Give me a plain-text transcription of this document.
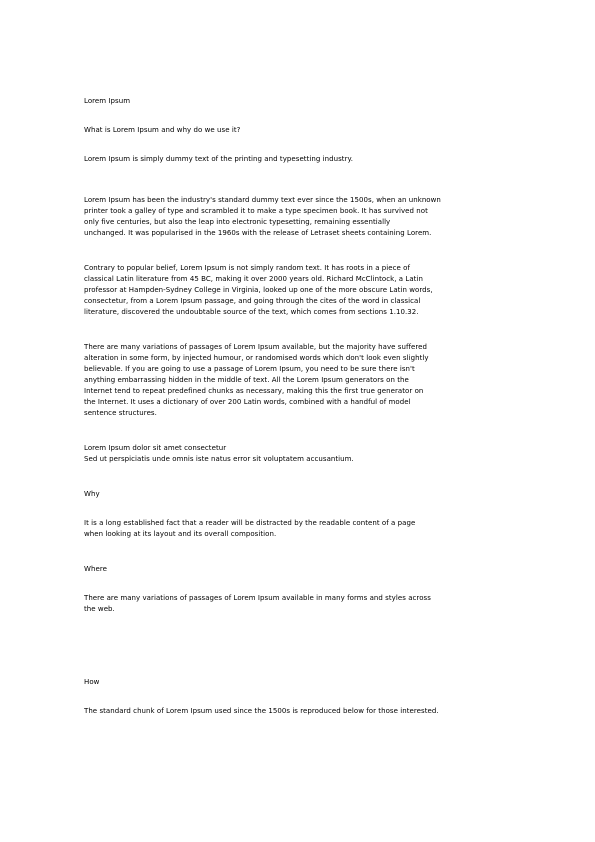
Lorem Ipsum
What is Lorem Ipsum and why do we use it?
Lorem Ipsum is simply dummy text of the printing and typesetting industry.
Lorem Ipsum has been the industry's standard dummy text ever since the 1500s, when an unknown
printer took a galley of type and scrambled it to make a type specimen book. It has survived not
only five centuries, but also the leap into electronic typesetting, remaining essentially
unchanged. It was popularised in the 1960s with the release of Letraset sheets containing Lorem.
Contrary to popular belief, Lorem Ipsum is not simply random text. It has roots in a piece of
classical Latin literature from 45 BC, making it over 2000 years old. Richard McClintock, a Latin
professor at Hampden-Sydney College in Virginia, looked up one of the more obscure Latin words,
consectetur, from a Lorem Ipsum passage, and going through the cites of the word in classical
literature, discovered the undoubtable source of the text, which comes from sections 1.10.32.
There are many variations of passages of Lorem Ipsum available, but the majority have suffered
alteration in some form, by injected humour, or randomised words which don't look even slightly
believable. If you are going to use a passage of Lorem Ipsum, you need to be sure there isn't
anything embarrassing hidden in the middle of text. All the Lorem Ipsum generators on the
Internet tend to repeat predefined chunks as necessary, making this the first true generator on
the Internet. It uses a dictionary of over 200 Latin words, combined with a handful of model
sentence structures.
Lorem Ipsum dolor sit amet consectetur
Sed ut perspiciatis unde omnis iste natus error sit voluptatem accusantium.
Why
It is a long established fact that a reader will be distracted by the readable content of a page
when looking at its layout and its overall composition.
Where
There are many variations of passages of Lorem Ipsum available in many forms and styles across
the web.
How
The standard chunk of Lorem Ipsum used since the 1500s is reproduced below for those interested.
